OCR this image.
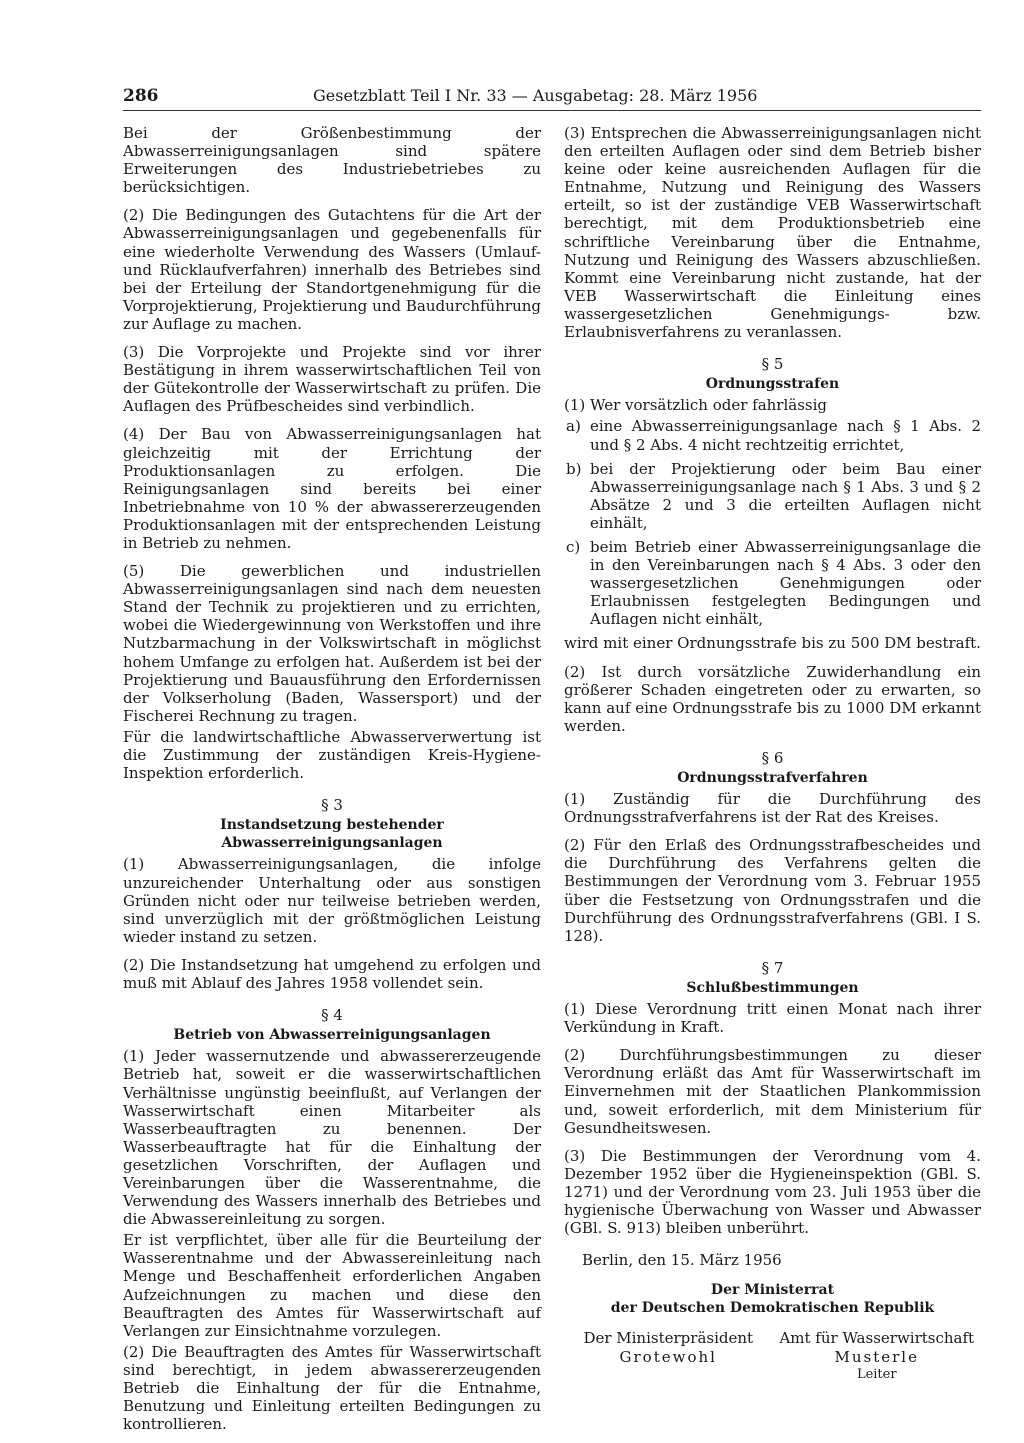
286	Gesetzblatt Teil I Nr. 33 — Ausgabetag: 28. März 1956

Bei der Größenbestimmung der Abwasserreinigungsanlagen sind spätere Erweiterungen des Industriebetriebes zu berücksichtigen.

(2) Die Bedingungen des Gutachtens für die Art der Abwasserreinigungsanlagen und gegebenenfalls für eine wiederholte Verwendung des Wassers (Umlauf- und Rücklaufverfahren) innerhalb des Betriebes sind bei der Erteilung der Standortgenehmigung für die Vorprojektierung, Projektierung und Baudurchführung zur Auflage zu machen.

(3) Die Vorprojekte und Projekte sind vor ihrer Bestätigung in ihrem wasserwirtschaftlichen Teil von der Gütekontrolle der Wasserwirtschaft zu prüfen. Die Auflagen des Prüfbescheides sind verbindlich.

(4) Der Bau von Abwasserreinigungsanlagen hat gleichzeitig mit der Errichtung der Produktionsanlagen zu erfolgen. Die Reinigungsanlagen sind bereits bei einer Inbetriebnahme von 10 % der abwassererzeugenden Produktionsanlagen mit der entsprechenden Leistung in Betrieb zu nehmen.

(5) Die gewerblichen und industriellen Abwasserreinigungsanlagen sind nach dem neuesten Stand der Technik zu projektieren und zu errichten, wobei die Wiedergewinnung von Werkstoffen und ihre Nutzbarmachung in der Volkswirtschaft in möglichst hohem Umfange zu erfolgen hat. Außerdem ist bei der Projektierung und Bauausführung den Erfordernissen der Volkserholung (Baden, Wassersport) und der Fischerei Rechnung zu tragen.

Für die landwirtschaftliche Abwasserverwertung ist die Zustimmung der zuständigen Kreis-Hygiene-Inspektion erforderlich.

§ 3
Instandsetzung bestehender Abwasserreinigungsanlagen

(1) Abwasserreinigungsanlagen, die infolge unzureichender Unterhaltung oder aus sonstigen Gründen nicht oder nur teilweise betrieben werden, sind unverzüglich mit der größtmöglichen Leistung wieder instand zu setzen.

(2) Die Instandsetzung hat umgehend zu erfolgen und muß mit Ablauf des Jahres 1958 vollendet sein.

§ 4
Betrieb von Abwasserreinigungsanlagen

(1) Jeder wassernutzende und abwassererzeugende Betrieb hat, soweit er die wasserwirtschaftlichen Verhältnisse ungünstig beeinflußt, auf Verlangen der Wasserwirtschaft einen Mitarbeiter als Wasserbeauftragten zu benennen. Der Wasserbeauftragte hat für die Einhaltung der gesetzlichen Vorschriften, der Auflagen und Vereinbarungen über die Wasserentnahme, die Verwendung des Wassers innerhalb des Betriebes und die Abwassereinleitung zu sorgen.

Er ist verpflichtet, über alle für die Beurteilung der Wasserentnahme und der Abwassereinleitung nach Menge und Beschaffenheit erforderlichen Angaben Aufzeichnungen zu machen und diese den Beauftragten des Amtes für Wasserwirtschaft auf Verlangen zur Einsichtnahme vorzulegen.

(2) Die Beauftragten des Amtes für Wasserwirtschaft sind berechtigt, in jedem abwassererzeugenden Betrieb die Einhaltung der für die Entnahme, Benutzung und Einleitung erteilten Bedingungen zu kontrollieren.

(3) Entsprechen die Abwasserreinigungsanlagen nicht den erteilten Auflagen oder sind dem Betrieb bisher keine oder keine ausreichenden Auflagen für die Entnahme, Nutzung und Reinigung des Wassers erteilt, so ist der zuständige VEB Wasserwirtschaft berechtigt, mit dem Produktionsbetrieb eine schriftliche Vereinbarung über die Entnahme, Nutzung und Reinigung des Wassers abzuschließen. Kommt eine Vereinbarung nicht zustande, hat der VEB Wasserwirtschaft die Einleitung eines wassergesetzlichen Genehmigungs- bzw. Erlaubnisverfahrens zu veranlassen.

§ 5
Ordnungsstrafen

(1) Wer vorsätzlich oder fahrlässig

a) eine Abwasserreinigungsanlage nach § 1 Abs. 2 und § 2 Abs. 4 nicht rechtzeitig errichtet,
b) bei der Projektierung oder beim Bau einer Abwasserreinigungsanlage nach § 1 Abs. 3 und § 2 Absätze 2 und 3 die erteilten Auflagen nicht einhält,
c) beim Betrieb einer Abwasserreinigungsanlage die in den Vereinbarungen nach § 4 Abs. 3 oder den wassergesetzlichen Genehmigungen oder Erlaubnissen festgelegten Bedingungen und Auflagen nicht einhält,

wird mit einer Ordnungsstrafe bis zu 500 DM bestraft.

(2) Ist durch vorsätzliche Zuwiderhandlung ein größerer Schaden eingetreten oder zu erwarten, so kann auf eine Ordnungsstrafe bis zu 1000 DM erkannt werden.

§ 6
Ordnungsstrafverfahren

(1) Zuständig für die Durchführung des Ordnungsstrafverfahrens ist der Rat des Kreises.

(2) Für den Erlaß des Ordnungsstrafbescheides und die Durchführung des Verfahrens gelten die Bestimmungen der Verordnung vom 3. Februar 1955 über die Festsetzung von Ordnungsstrafen und die Durchführung des Ordnungsstrafverfahrens (GBl. I S. 128).

§ 7
Schlußbestimmungen

(1) Diese Verordnung tritt einen Monat nach ihrer Verkündung in Kraft.

(2) Durchführungsbestimmungen zu dieser Verordnung erläßt das Amt für Wasserwirtschaft im Einvernehmen mit der Staatlichen Plankommission und, soweit erforderlich, mit dem Ministerium für Gesundheitswesen.

(3) Die Bestimmungen der Verordnung vom 4. Dezember 1952 über die Hygieneinspektion (GBl. S. 1271) und der Verordnung vom 23. Juli 1953 über die hygienische Überwachung von Wasser und Abwasser (GBl. S. 913) bleiben unberührt.

Berlin, den 15. März 1956
Der Ministerrat
der Deutschen Demokratischen Republik
Der Ministerpräsident
Grotewohl
Amt für Wasserwirtschaft
Musterle
Leiter
